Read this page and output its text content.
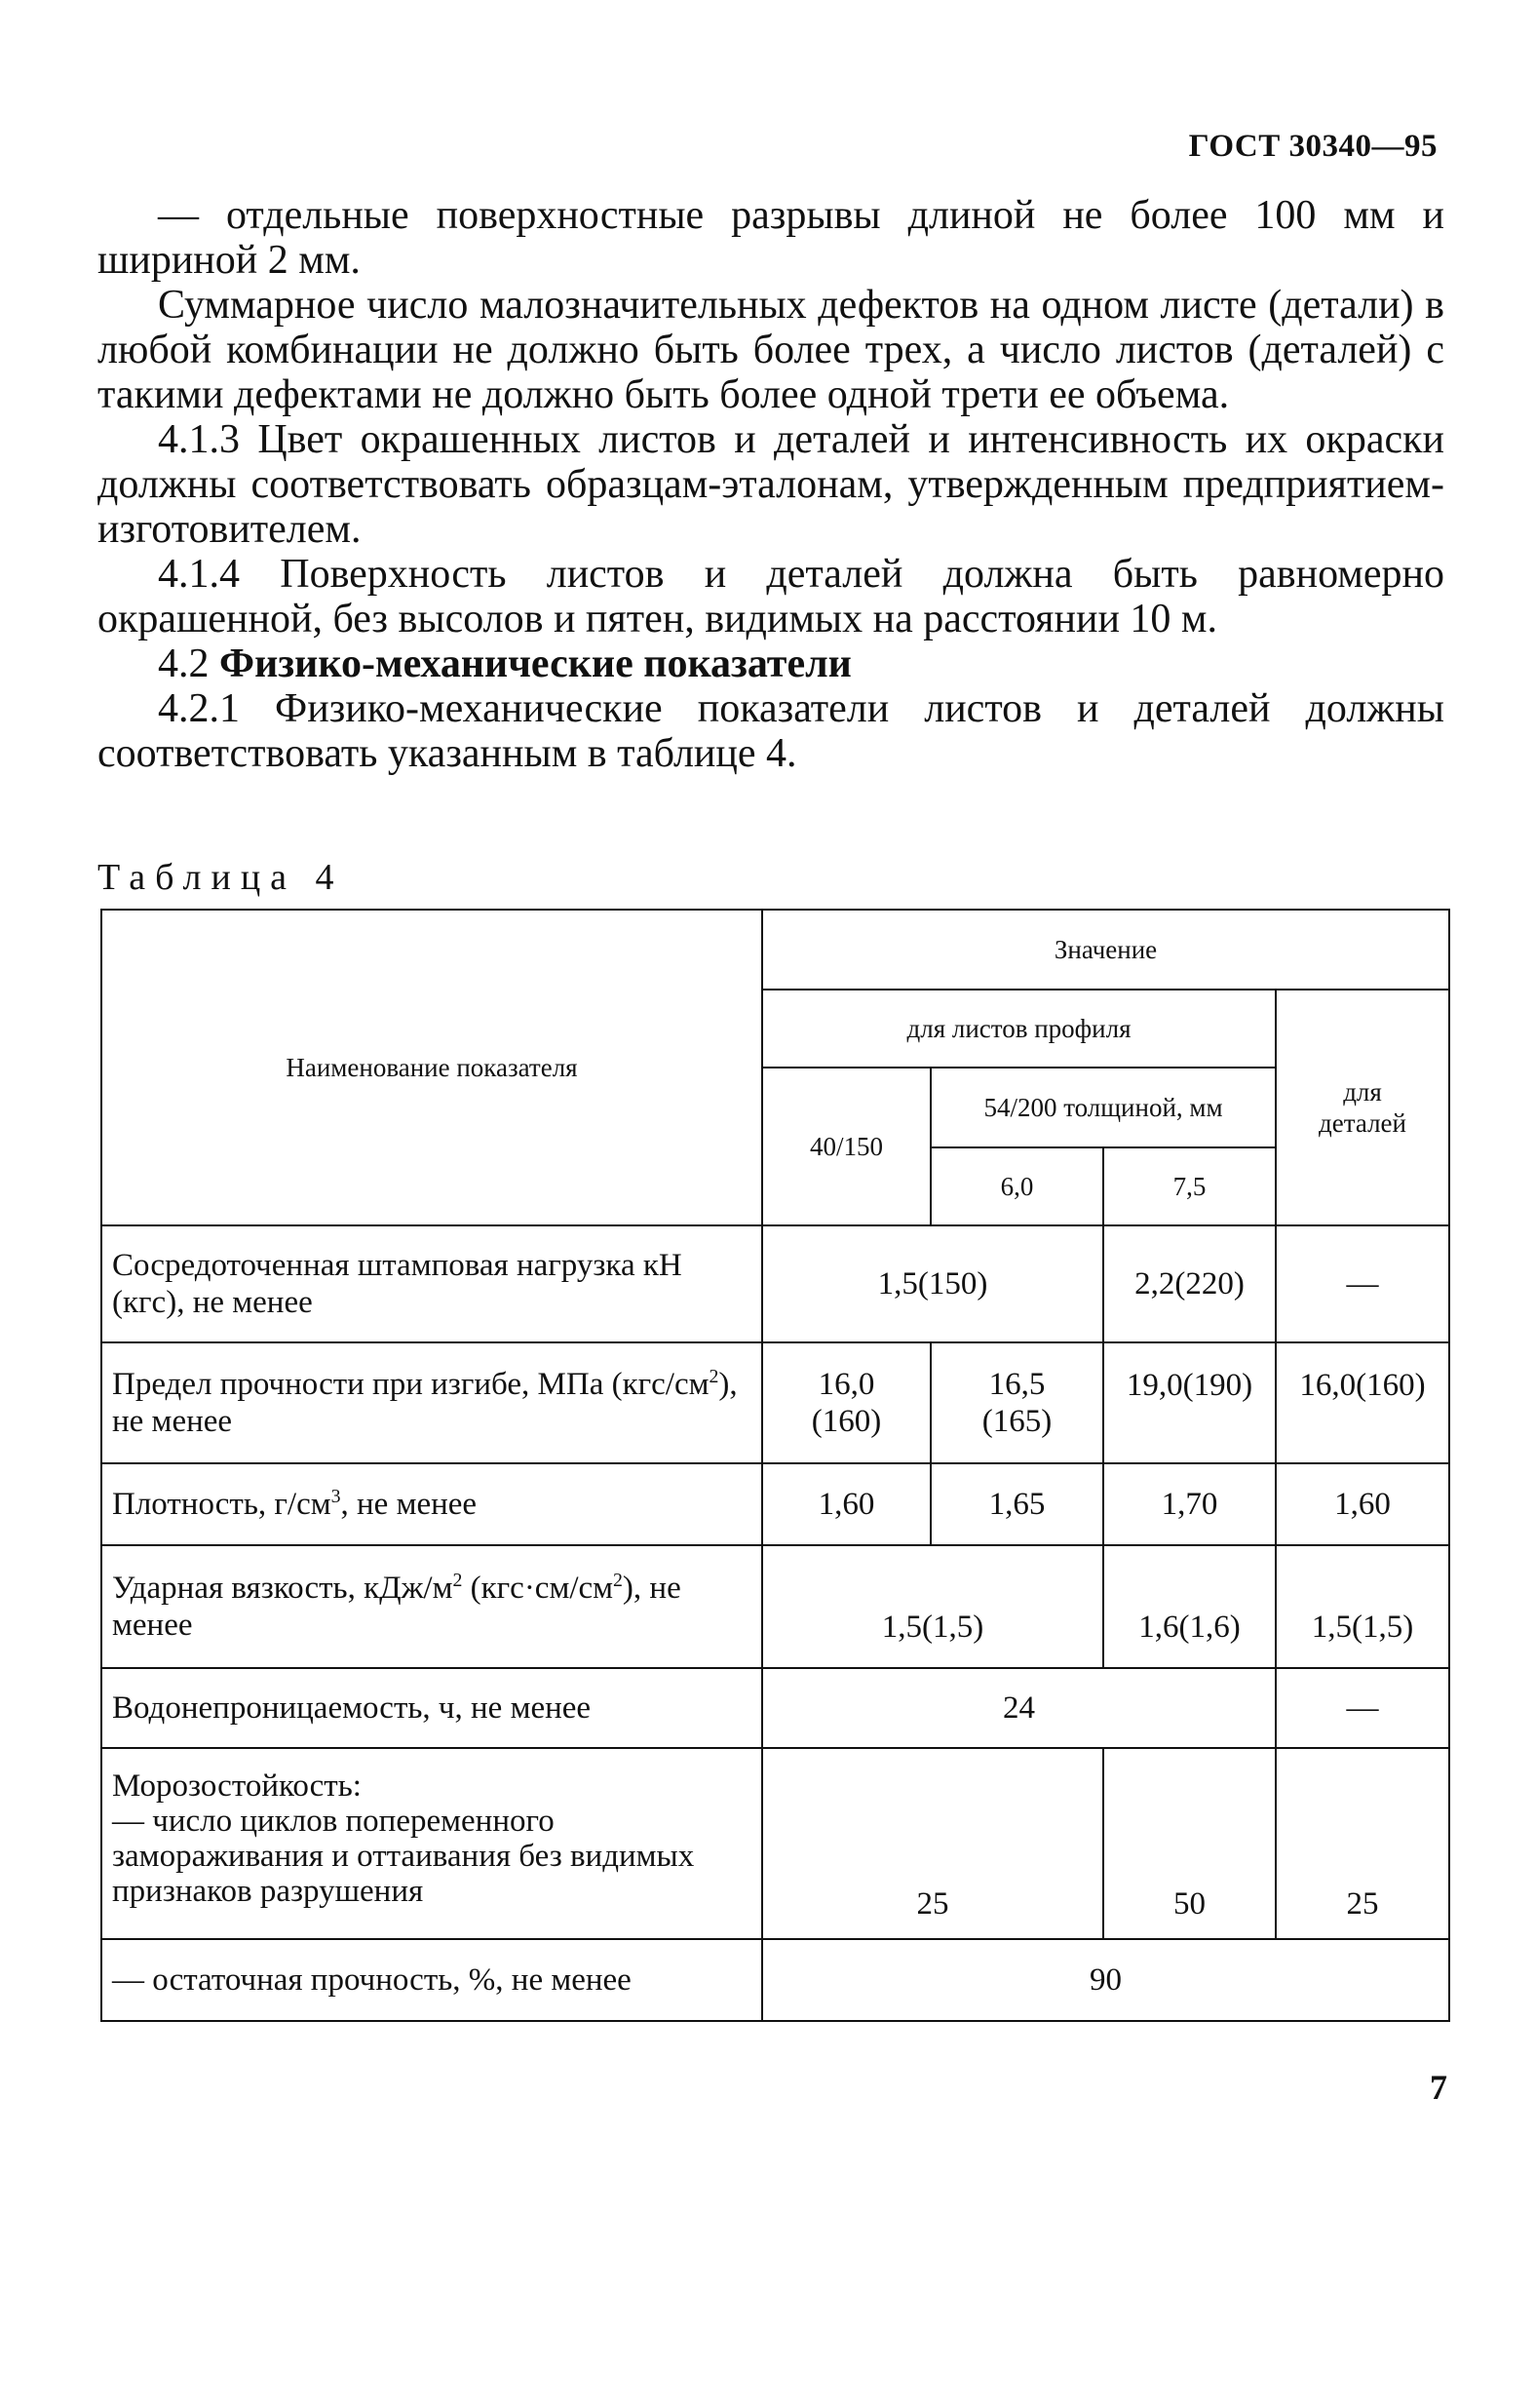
ГОСТ 30340—95

— отдельные поверхностные разрывы длиной не более 100 мм и шириной 2 мм.

Суммарное число малозначительных дефектов на одном листе (детали) в любой комбинации не должно быть более трех, а число листов (деталей) с такими дефектами не должно быть более одной трети ее объема.

4.1.3 Цвет окрашенных листов и деталей и интенсивность их окраски должны соответствовать образцам-эталонам, утвержденным предприятием-изготовителем.

4.1.4 Поверхность листов и деталей должна быть равномерно окрашенной, без высолов и пятен, видимых на расстоянии 10 м.

4.2 Физико-механические показатели

4.2.1 Физико-механические показатели листов и деталей должны соответствовать указанным в таблице 4.

Таблица 4
Наименование показателя	Значение			
	для листов профиля			для деталей
	40/150	54/200 толщиной, мм		
		6,0	7,5	
Сосредоточенная штамповая нагрузка кН (кгс), не менее	1,5(150)		2,2(220)	—
Предел прочности при изгибе, МПа $(кгс/см^2)$, не менее	16,0 (160)	16,5 (165)	19,0(190)	16,0(160)
Плотность, $г/см^3$, не менее	1,60	1,65	1,70	1,60
Ударная вязкость, кДж/$м^2$ $(кгс\cdot см/см^2)$, не менее	1,5(1,5)		1,6(1,6)	1,5(1,5)
Водонепроницаемость, ч, не менее	24			—

Морозостойкость:
— число циклов попеременного замораживания и оттаивания без видимых признаков разрушения	25		50	25
— остаточная прочность, %, не менее	90			
7
